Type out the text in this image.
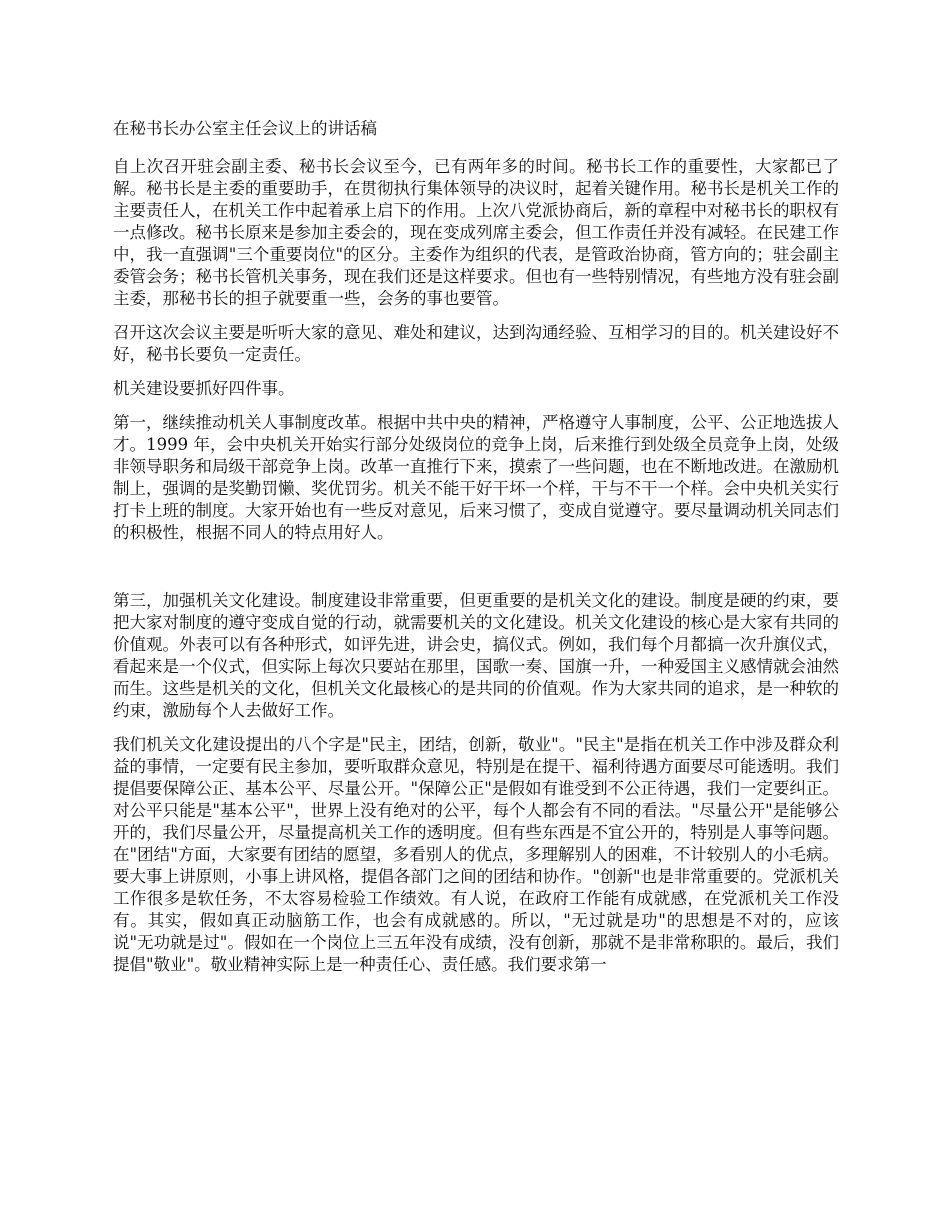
在秘书长办公室主任会议上的讲话稿

自上次召开驻会副主委、秘书长会议至今，已有两年多的时间。秘书长工作的重要性，大家都已了解。秘书长是主委的重要助手，在贯彻执行集体领导的决议时，起着关键作用。秘书长是机关工作的主要责任人，在机关工作中起着承上启下的作用。上次八党派协商后，新的章程中对秘书长的职权有一点修改。秘书长原来是参加主委会的，现在变成列席主委会，但工作责任并没有减轻。在民建工作中，我一直强调"三个重要岗位"的区分。主委作为组织的代表，是管政治协商，管方向的；驻会副主委管会务；秘书长管机关事务，现在我们还是这样要求。但也有一些特别情况，有些地方没有驻会副主委，那秘书长的担子就要重一些，会务的事也要管。

召开这次会议主要是听听大家的意见、难处和建议，达到沟通经验、互相学习的目的。机关建设好不好，秘书长要负一定责任。

机关建设要抓好四件事。

第一，继续推动机关人事制度改革。根据中共中央的精神，严格遵守人事制度，公平、公正地选拔人才。1999 年，会中央机关开始实行部分处级岗位的竞争上岗，后来推行到处级全员竞争上岗，处级非领导职务和局级干部竞争上岗。改革一直推行下来，摸索了一些问题，也在不断地改进。在激励机制上，强调的是奖勤罚懒、奖优罚劣。机关不能干好干坏一个样，干与不干一个样。会中央机关实行打卡上班的制度。大家开始也有一些反对意见，后来习惯了，变成自觉遵守。要尽量调动机关同志们的积极性，根据不同人的特点用好人。

第三，加强机关文化建设。制度建设非常重要，但更重要的是机关文化的建设。制度是硬的约束，要把大家对制度的遵守变成自觉的行动，就需要机关的文化建设。机关文化建设的核心是大家有共同的价值观。外表可以有各种形式，如评先进，讲会史，搞仪式。例如，我们每个月都搞一次升旗仪式，看起来是一个仪式，但实际上每次只要站在那里，国歌一奏、国旗一升，一种爱国主义感情就会油然而生。这些是机关的文化，但机关文化最核心的是共同的价值观。作为大家共同的追求，是一种软的约束，激励每个人去做好工作。

我们机关文化建设提出的八个字是"民主，团结，创新，敬业"。"民主"是指在机关工作中涉及群众利益的事情，一定要有民主参加，要听取群众意见，特别是在提干、福利待遇方面要尽可能透明。我们提倡要保障公正、基本公平、尽量公开。"保障公正"是假如有谁受到不公正待遇，我们一定要纠正。对公平只能是"基本公平"，世界上没有绝对的公平，每个人都会有不同的看法。"尽量公开"是能够公开的，我们尽量公开，尽量提高机关工作的透明度。但有些东西是不宜公开的，特别是人事等问题。在"团结"方面，大家要有团结的愿望，多看别人的优点，多理解别人的困难，不计较别人的小毛病。要大事上讲原则，小事上讲风格，提倡各部门之间的团结和协作。"创新"也是非常重要的。党派机关工作很多是软任务，不太容易检验工作绩效。有人说，在政府工作能有成就感，在党派机关工作没有。其实，假如真正动脑筋工作，也会有成就感的。所以，"无过就是功"的思想是不对的，应该说"无功就是过"。假如在一个岗位上三五年没有成绩，没有创新，那就不是非常称职的。最后，我们提倡"敬业"。敬业精神实际上是一种责任心、责任感。我们要求第一
